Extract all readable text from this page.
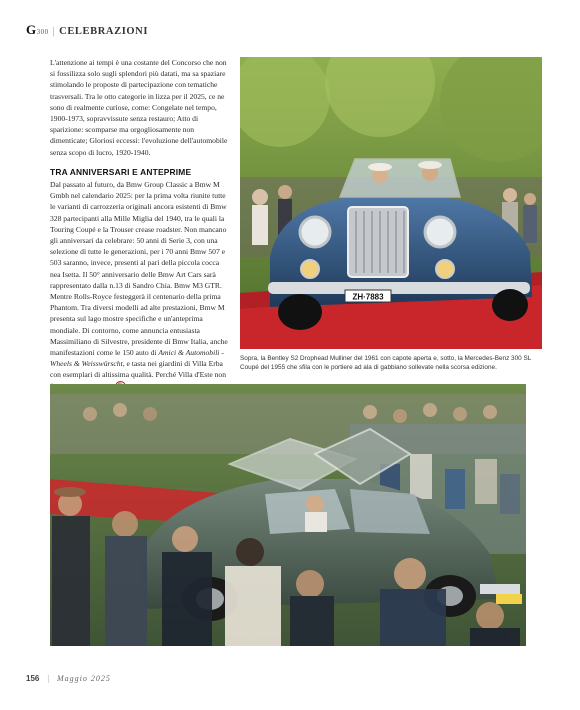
G300 | CELEBRAZIONI

L'attenzione ai tempi è una costante del Concorso che non si fossilizza solo sugli splendori più datati, ma sa spaziare stimolando le proposte di partecipazione con tematiche trasversali. Tra le otto categorie in lizza per il 2025, ce ne sono di realmente curiose, come: Congelate nel tempo, 1900-1973, sopravvissute senza restauro; Atto di sparizione: scomparse ma orgogliosamente non dimenticate; Gloriosi eccessi: l'evoluzione dell'automobile senza scopo di lucro, 1920-1940.

TRA ANNIVERSARI E ANTEPRIME

Dal passato al futuro, da Bmw Group Classic a Bmw M Gmbh nel calendario 2025: per la prima volta riunite tutte le varianti di carrozzeria originali ancora esistenti di Bmw 328 partecipanti alla Mille Miglia del 1940, tra le quali la Touring Coupé e la Trouser crease roadster. Non mancano gli anniversari da celebrare: 50 anni di Serie 3, con una selezione di tutte le generazioni, per i 70 anni Bmw 507 e 503 saranno, invece, presenti al pari della piccola cocca nea Isetta. Il 50° anniversario delle Bmw Art Cars sarà rappresentato dalla n.13 di Sandro Chia. Bmw M3 GTR. Mentre Rolls-Royce festeggerà il centenario della prima Phantom. Tra diversi modelli ad alte prestazioni, Bmw M presenta sul lago mostre specifiche e un'anteprima mondiale. Di contorno, come annuncia entusiasta Massimiliano di Silvestre, presidente di Bmw Italia, anche manifestazioni come le 150 auto di Amici & Automobili - Wheels & Weisswürscht, e tasta nei giardini di Villa Erba con esemplari di altissima qualità. Perché Villa d'Este non

ZH·7883
Sopra, la Bentley S2 Drophead Mulliner del 1961 con capote aperta e, sotto, la Mercedes-Benz 300 SL Coupé del 1955 che sfila con le portiere ad ala di gabbiano sollevate nella scorsa edizione.
156 | Maggio 2025
